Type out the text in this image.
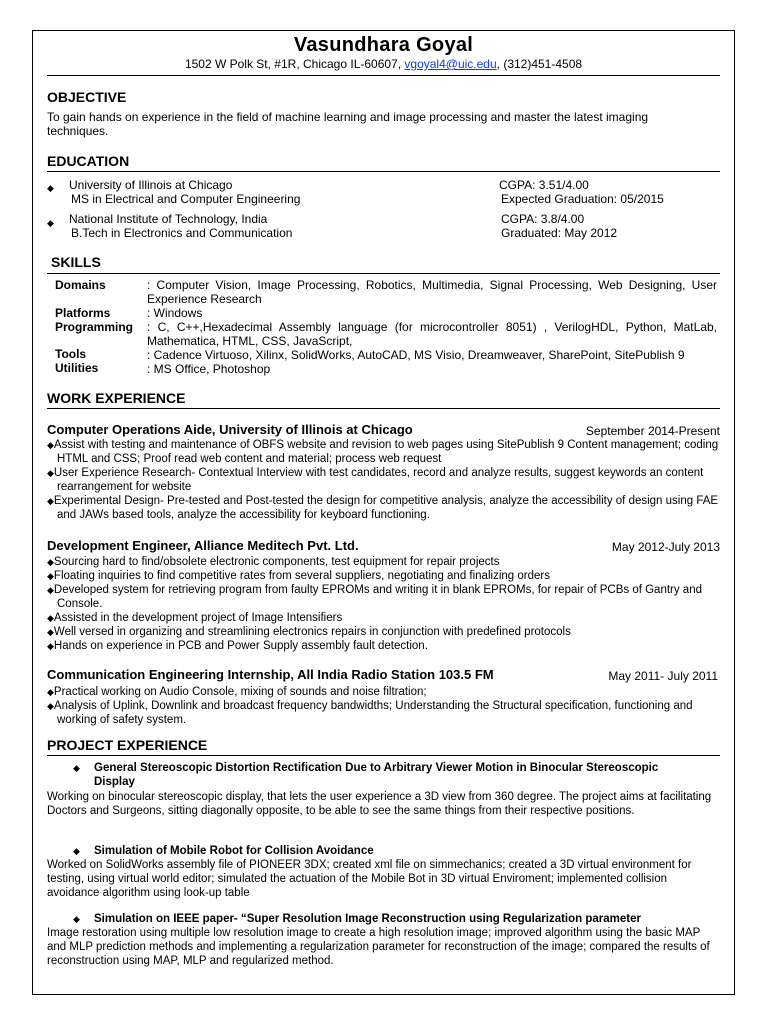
Vasundhara Goyal
1502 W Polk St, #1R, Chicago IL-60607, vgoyal4@uic.edu, (312)451-4508
OBJECTIVE
To gain hands on experience in the field of machine learning and image processing and master the latest imaging techniques.
EDUCATION
◆ University of Illinois at Chicago
MS in Electrical and Computer Engineering
CGPA: 3.51/4.00
Expected Graduation: 05/2015
◆ National Institute of Technology, India
B.Tech in Electronics and Communication
CGPA: 3.8/4.00
Graduated: May 2012
SKILLS
Domains	: Computer Vision, Image Processing, Robotics, Multimedia, Signal Processing, Web Designing, User Experience Research
Platforms	: Windows
Programming : C, C++,Hexadecimal Assembly language (for microcontroller 8051) , VerilogHDL, Python, MatLab, Mathematica, HTML, CSS, JavaScript,
Tools	: Cadence Virtuoso, Xilinx, SolidWorks, AutoCAD, MS Visio, Dreamweaver, SharePoint, SitePublish 9
Utilities	: MS Office, Photoshop
WORK EXPERIENCE
Computer Operations Aide, University of Illinois at Chicago	September 2014-Present
◆Assist with testing and maintenance of OBFS website and revision to web pages using SitePublish 9 Content management; coding HTML and CSS; Proof read web content and material; process web request
◆User Experience Research- Contextual Interview with test candidates, record and analyze results, suggest keywords an content rearrangement for website
◆Experimental Design- Pre-tested and Post-tested the design for competitive analysis, analyze the accessibility of design using FAE and JAWs based tools, analyze the accessibility for keyboard functioning.
Development Engineer, Alliance Meditech Pvt. Ltd.	May 2012-July 2013
◆Sourcing hard to find/obsolete electronic components, test equipment for repair projects
◆Floating inquiries to find competitive rates from several suppliers, negotiating and finalizing orders
◆Developed system for retrieving program from faulty EPROMs and writing it in blank EPROMs, for repair of PCBs of Gantry and Console.
◆Assisted in the development project of Image Intensifiers
◆Well versed in organizing and streamlining electronics repairs in conjunction with predefined protocols
◆Hands on experience in PCB and Power Supply assembly fault detection.
Communication Engineering Internship, All India Radio Station 103.5 FM	May 2011- July 2011
◆Practical working on Audio Console, mixing of sounds and noise filtration;
◆Analysis of Uplink, Downlink and broadcast frequency bandwidths; Understanding the Structural specification, functioning and working of safety system.
PROJECT EXPERIENCE
◆ General Stereoscopic Distortion Rectification Due to Arbitrary Viewer Motion in Binocular Stereoscopic Display
Working on binocular stereoscopic display, that lets the user experience a 3D view from 360 degree. The project aims at facilitating Doctors and Surgeons, sitting diagonally opposite, to be able to see the same things from their respective positions.
◆ Simulation of Mobile Robot for Collision Avoidance
Worked on SolidWorks assembly file of PIONEER 3DX; created xml file on simmechanics; created a 3D virtual environment for testing, using virtual world editor; simulated the actuation of the Mobile Bot in 3D virtual Enviroment; implemented collision avoidance algorithm using look-up table
◆ Simulation on IEEE paper- “Super Resolution Image Reconstruction using Regularization parameter
Image restoration using multiple low resolution image to create a high resolution image; improved algorithm using the basic MAP and MLP prediction methods and implementing a regularization parameter for reconstruction of the image; compared the results of reconstruction using MAP, MLP and regularized method.
